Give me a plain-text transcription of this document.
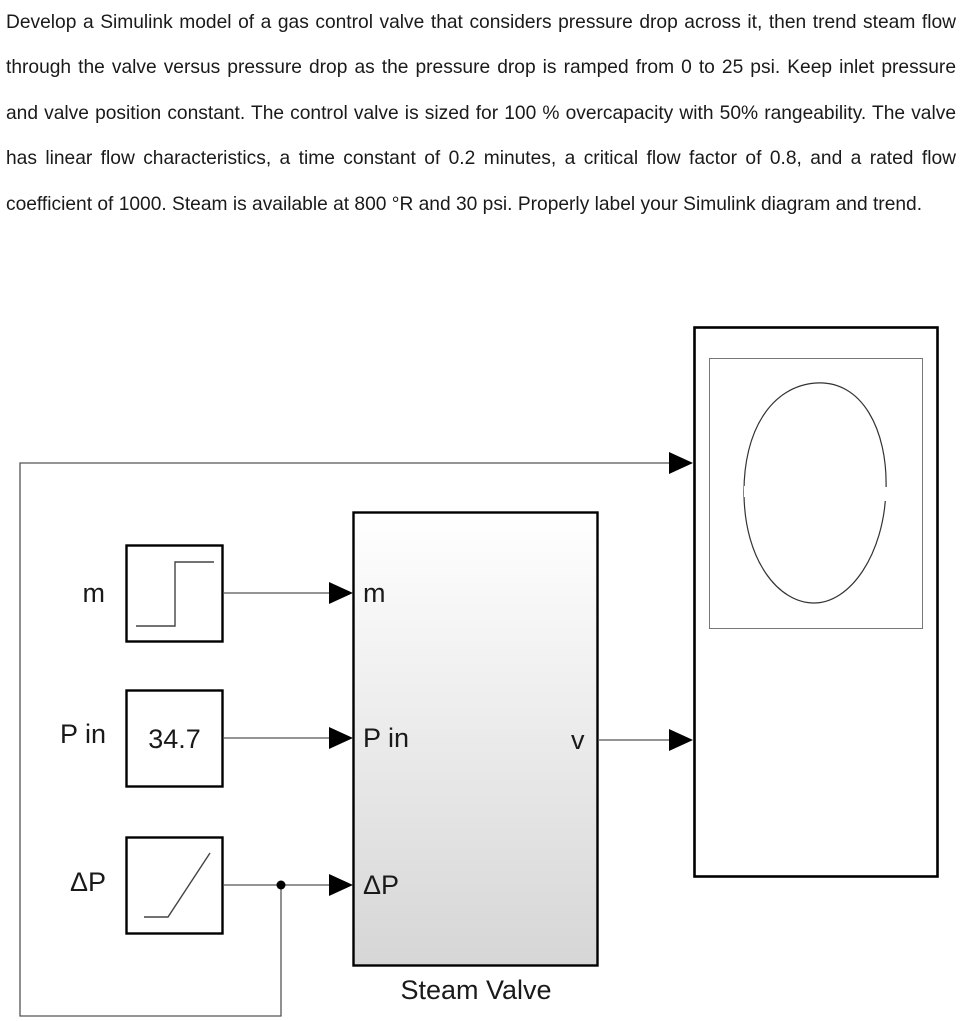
Develop a Simulink model of a gas control valve that considers pressure drop across it, then trend steam flow through the valve versus pressure drop as the pressure drop is ramped from 0 to 25 psi. Keep inlet pressure and valve position constant. The control valve is sized for 100 % overcapacity with 50% rangeability. The valve has linear flow characteristics, a time constant of 0.2 minutes, a critical flow factor of 0.8, and a rated flow coefficient of 1000. Steam is available at 800 °R and 30 psi. Properly label your Simulink diagram and trend.

34.7
m
P in
ΔP
v
Steam Valve
m
P in
ΔP
